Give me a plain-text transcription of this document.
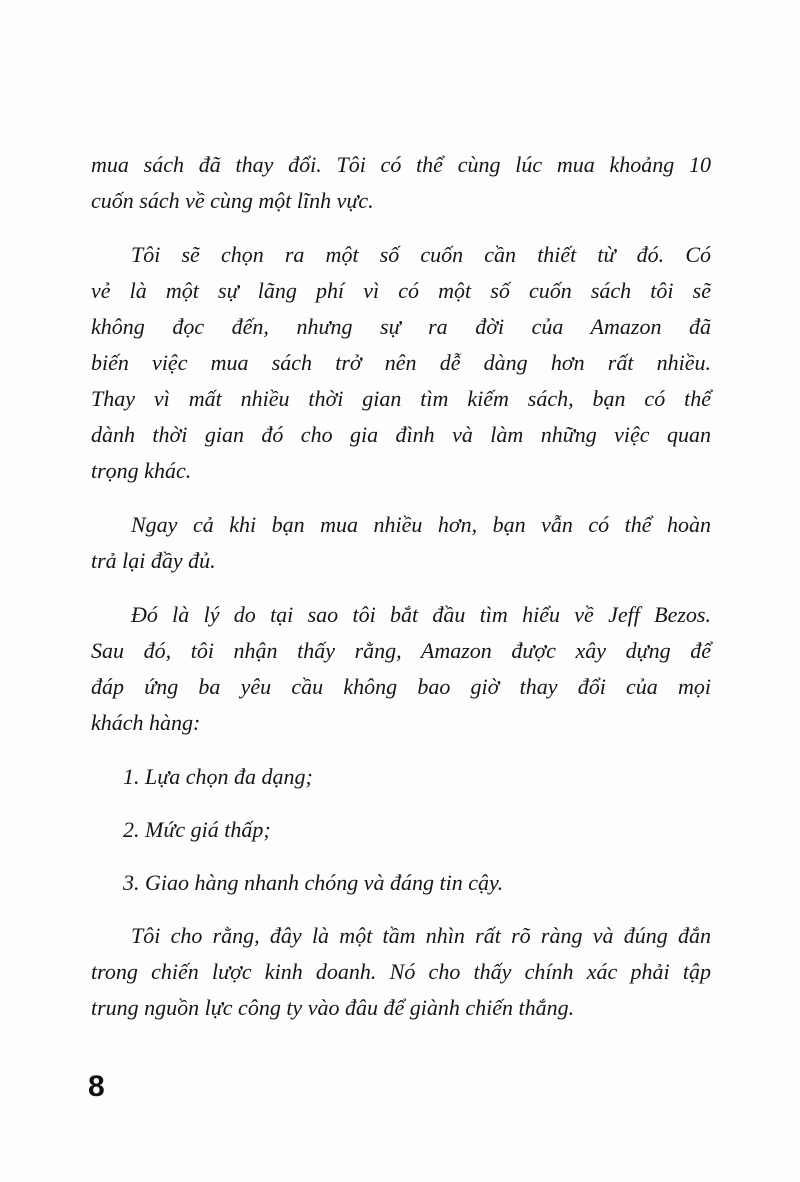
mua sách đã thay đổi. Tôi có thể cùng lúc mua khoảng 10
cuốn sách về cùng một lĩnh vực.
Tôi sẽ chọn ra một số cuốn cần thiết từ đó. Có
vẻ là một sự lãng phí vì có một số cuốn sách tôi sẽ
không đọc đến, nhưng sự ra đời của Amazon đã
biến việc mua sách trở nên dễ dàng hơn rất nhiều.
Thay vì mất nhiều thời gian tìm kiếm sách, bạn có thể
dành thời gian đó cho gia đình và làm những việc quan
trọng khác.
Ngay cả khi bạn mua nhiều hơn, bạn vẫn có thể hoàn
trả lại đầy đủ.
Đó là lý do tại sao tôi bắt đầu tìm hiểu về Jeff Bezos.
Sau đó, tôi nhận thấy rằng, Amazon được xây dựng để
đáp ứng ba yêu cầu không bao giờ thay đổi của mọi
khách hàng:
1. Lựa chọn đa dạng;
2. Mức giá thấp;
3. Giao hàng nhanh chóng và đáng tin cậy.
Tôi cho rằng, đây là một tầm nhìn rất rõ ràng và đúng đắn
trong chiến lược kinh doanh. Nó cho thấy chính xác phải tập
trung nguồn lực công ty vào đâu để giành chiến thắng.
8
